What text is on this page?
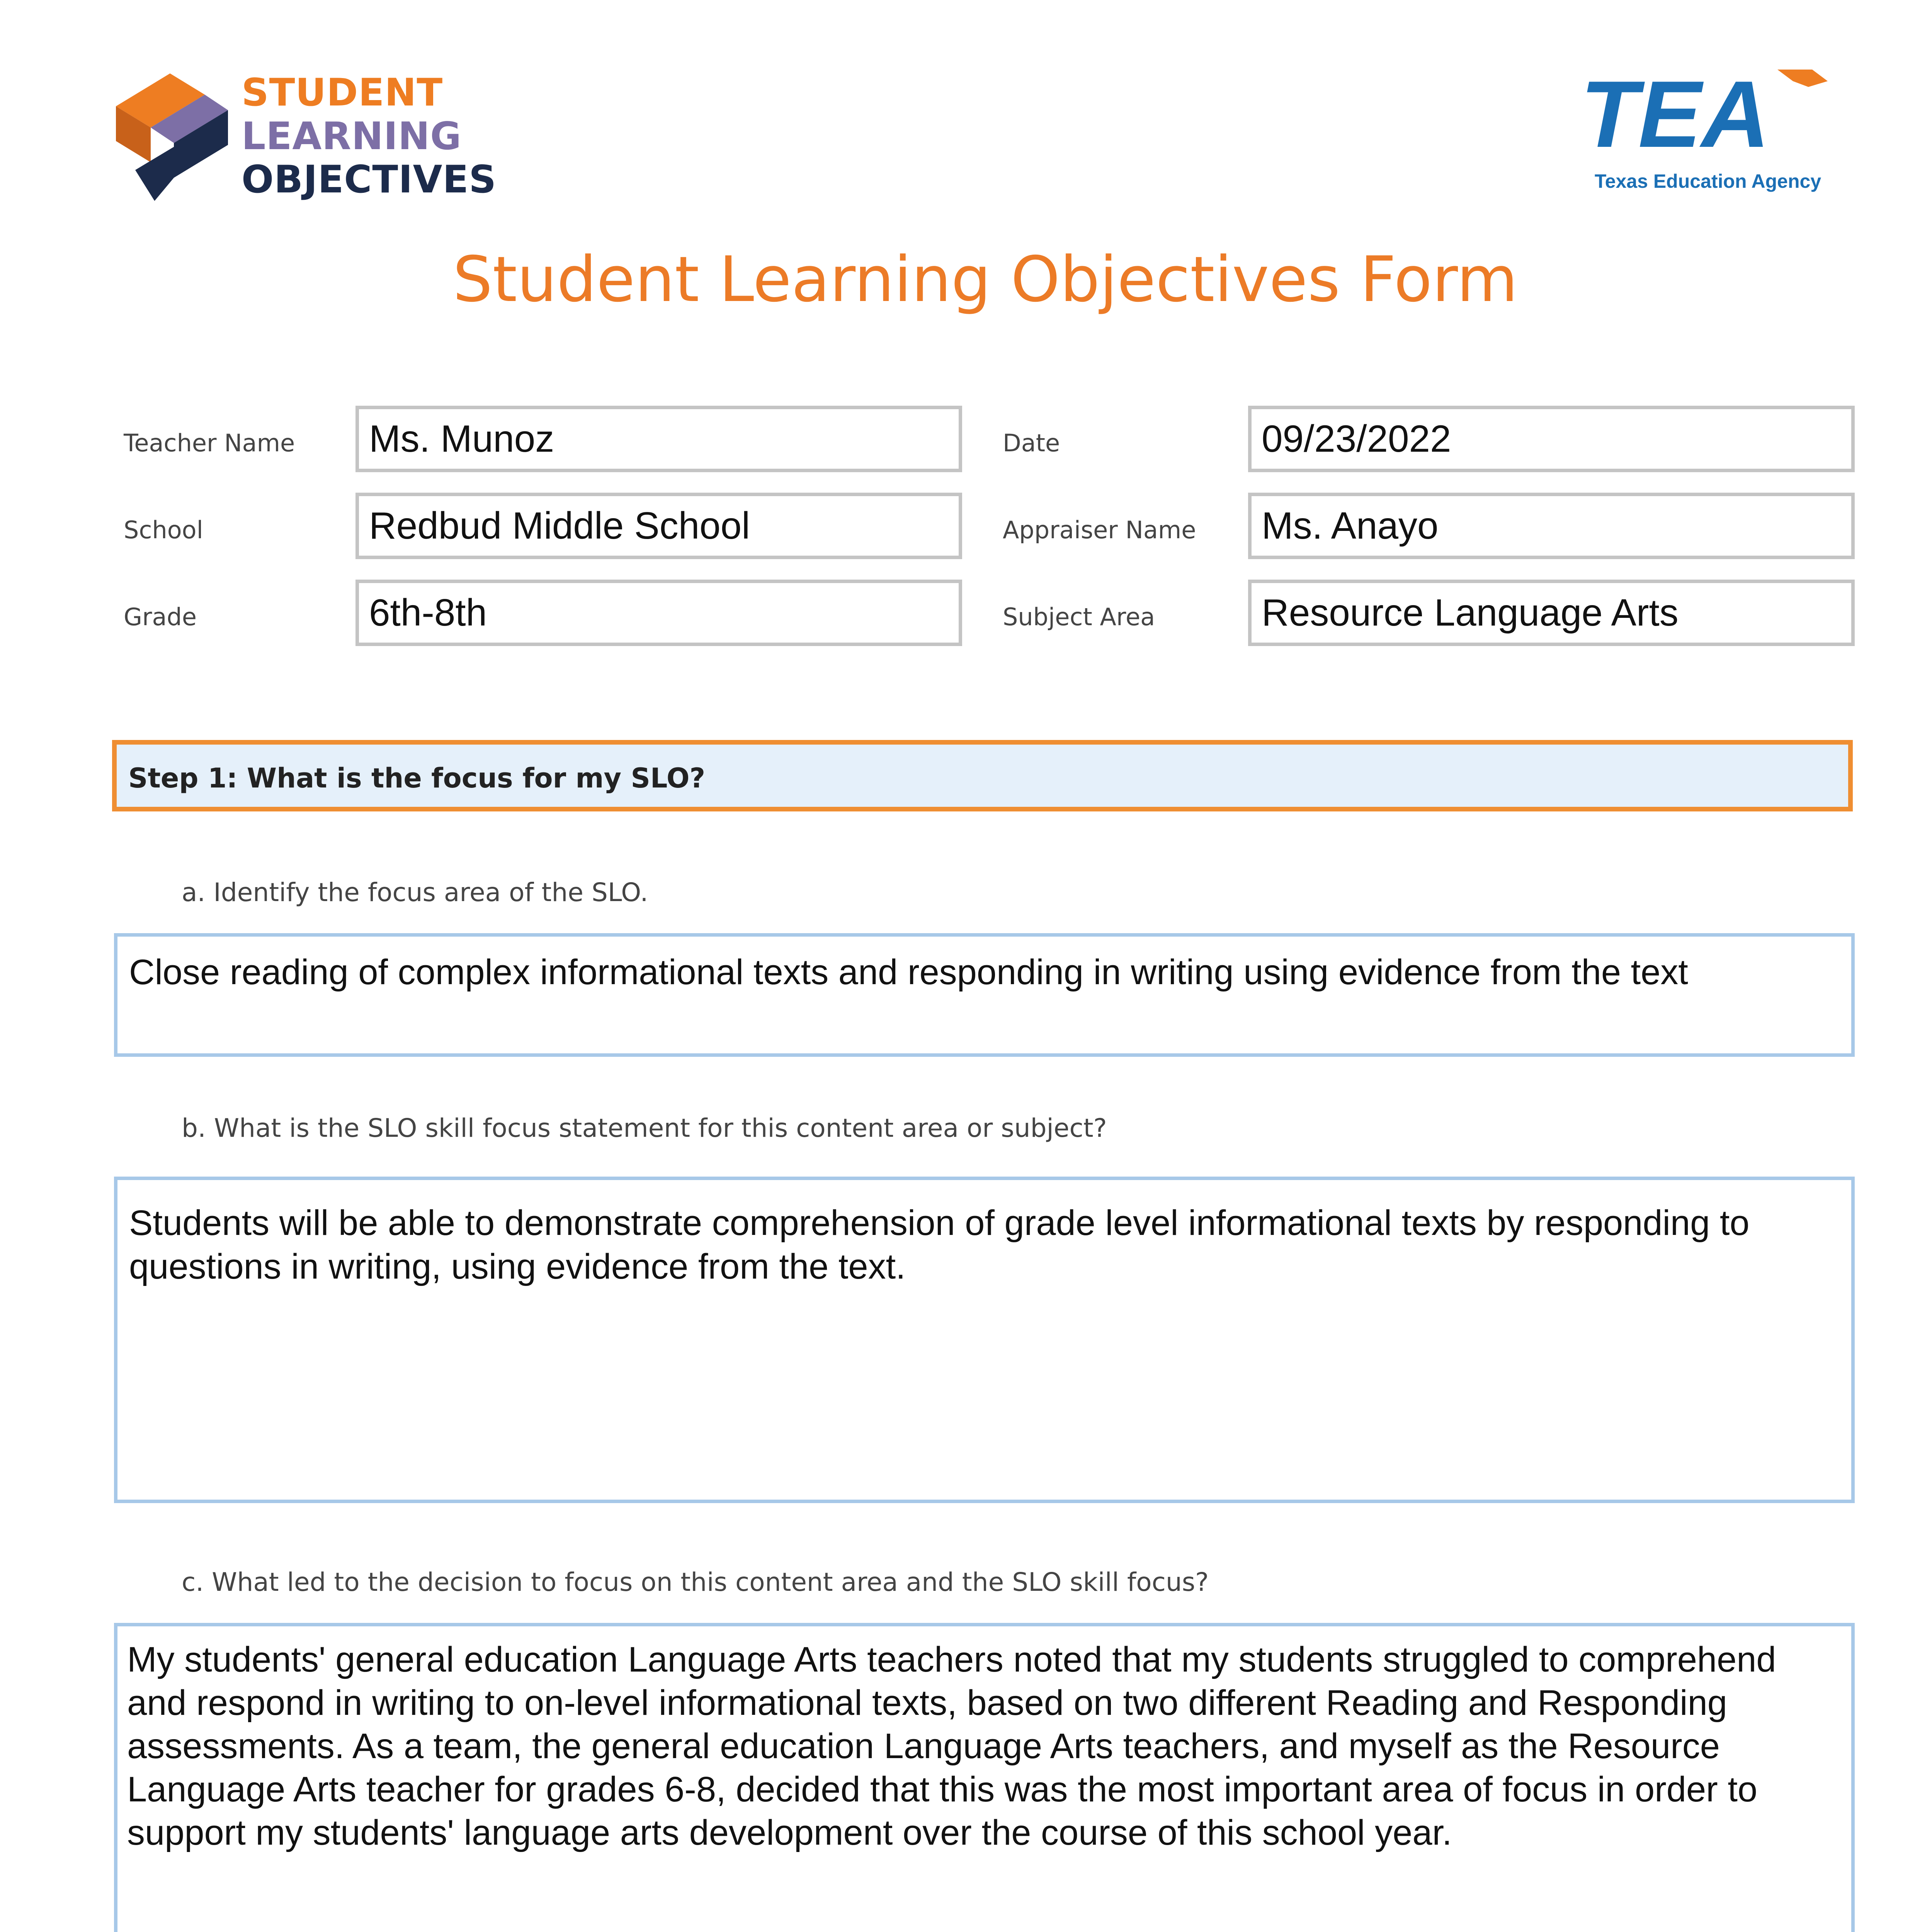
STUDENT
LEARNING
OBJECTIVES
TEA
Texas Education Agency
Student Learning Objectives Form
Teacher Name	Ms. Munoz
School	Redbud Middle School
Grade	6th-8th
Date	09/23/2022
Appraiser Name	Ms. Anayo
Subject Area	Resource Language Arts
Step 1: What is the focus for my SLO?
a. Identify the focus area of the SLO.
Close reading of complex informational texts and responding in writing using evidence from the text
b. What is the SLO skill focus statement for this content area or subject?
Students will be able to demonstrate comprehension of grade level informational texts by responding to questions in writing, using evidence from the text.
c. What led to the decision to focus on this content area and the SLO skill focus?
My students' general education Language Arts teachers noted that my students struggled to comprehend and respond in writing to on-level informational texts, based on two different Reading and Responding assessments. As a team, the general education Language Arts teachers, and myself as the Resource Language Arts teacher for grades 6-8, decided that this was the most important area of focus in order to support my students' language arts development over the course of this school year.
